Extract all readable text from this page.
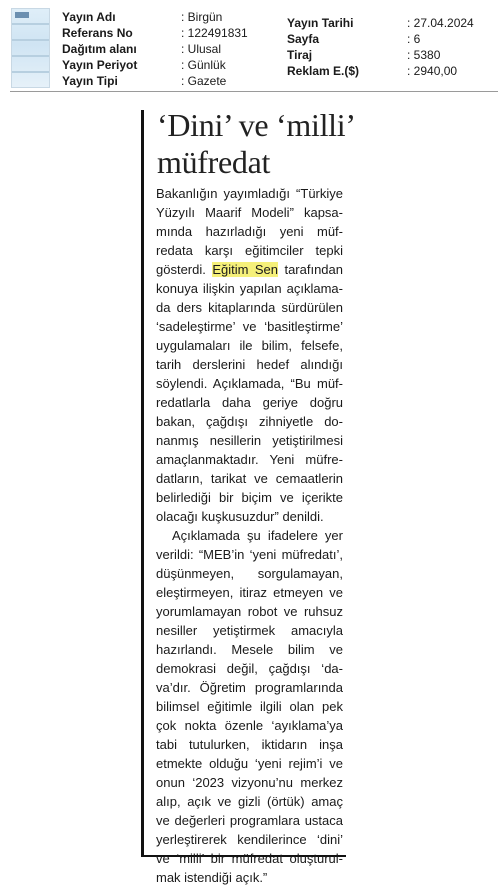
Yayın Adı	: Birgün
Referans No	: 122491831
Dağıtım alanı	: Ulusal
Yayın Periyot	: Günlük
Yayın Tipi	: Gazete
Yayın Tarihi	: 27.04.2024
Sayfa	: 6
Tiraj	: 5380
Reklam E.($)	: 2940,00
‘Dini’ ve ‘milli’
müfredat
Bakanlığın yayımladığı “Türkiye
Yüzyılı Maarif Modeli” kapsa-
mında hazırladığı yeni müf-
redata karşı eğitimciler tepki
gösterdi. Eğitim Sen tarafından
konuya ilişkin yapılan açıklama-
da ders kitaplarında sürdürülen
‘sadeleştirme’ ve ‘basitleştirme’
uygulamaları ile bilim, felsefe,
tarih derslerini hedef alındığı
söylendi. Açıklamada, “Bu müf-
redatlarla daha geriye doğru
bakan, çağdışı zihniyetle do-
nanmış nesillerin yetiştirilmesi
amaçlanmaktadır. Yeni müfre-
datların, tarikat ve cemaatlerin
belirlediği bir biçim ve içerikte
olacağı kuşkusuzdur” denildi.
Açıklamada şu ifadelere yer
verildi: “MEB’in ‘yeni müfredatı’,
düşünmeyen, sorgulamayan,
eleştirmeyen, itiraz etmeyen ve
yorumlamayan robot ve ruhsuz
nesiller yetiştirmek amacıyla
hazırlandı. Mesele bilim ve
demokrasi değil, çağdışı ‘da-
va’dır. Öğretim programlarında
bilimsel eğitimle ilgili olan pek
çok nokta özenle ‘ayıklama’ya
tabi tutulurken, iktidarın inşa
etmekte olduğu ‘yeni rejim’i ve
onun ‘2023 vizyonu’nu merkez
alıp, açık ve gizli (örtük) amaç
ve değerleri programlara ustaca
yerleştirerek kendilerince ‘dini’
ve ‘milli’ bir müfredat oluşturul-
mak istendiği açık.”
